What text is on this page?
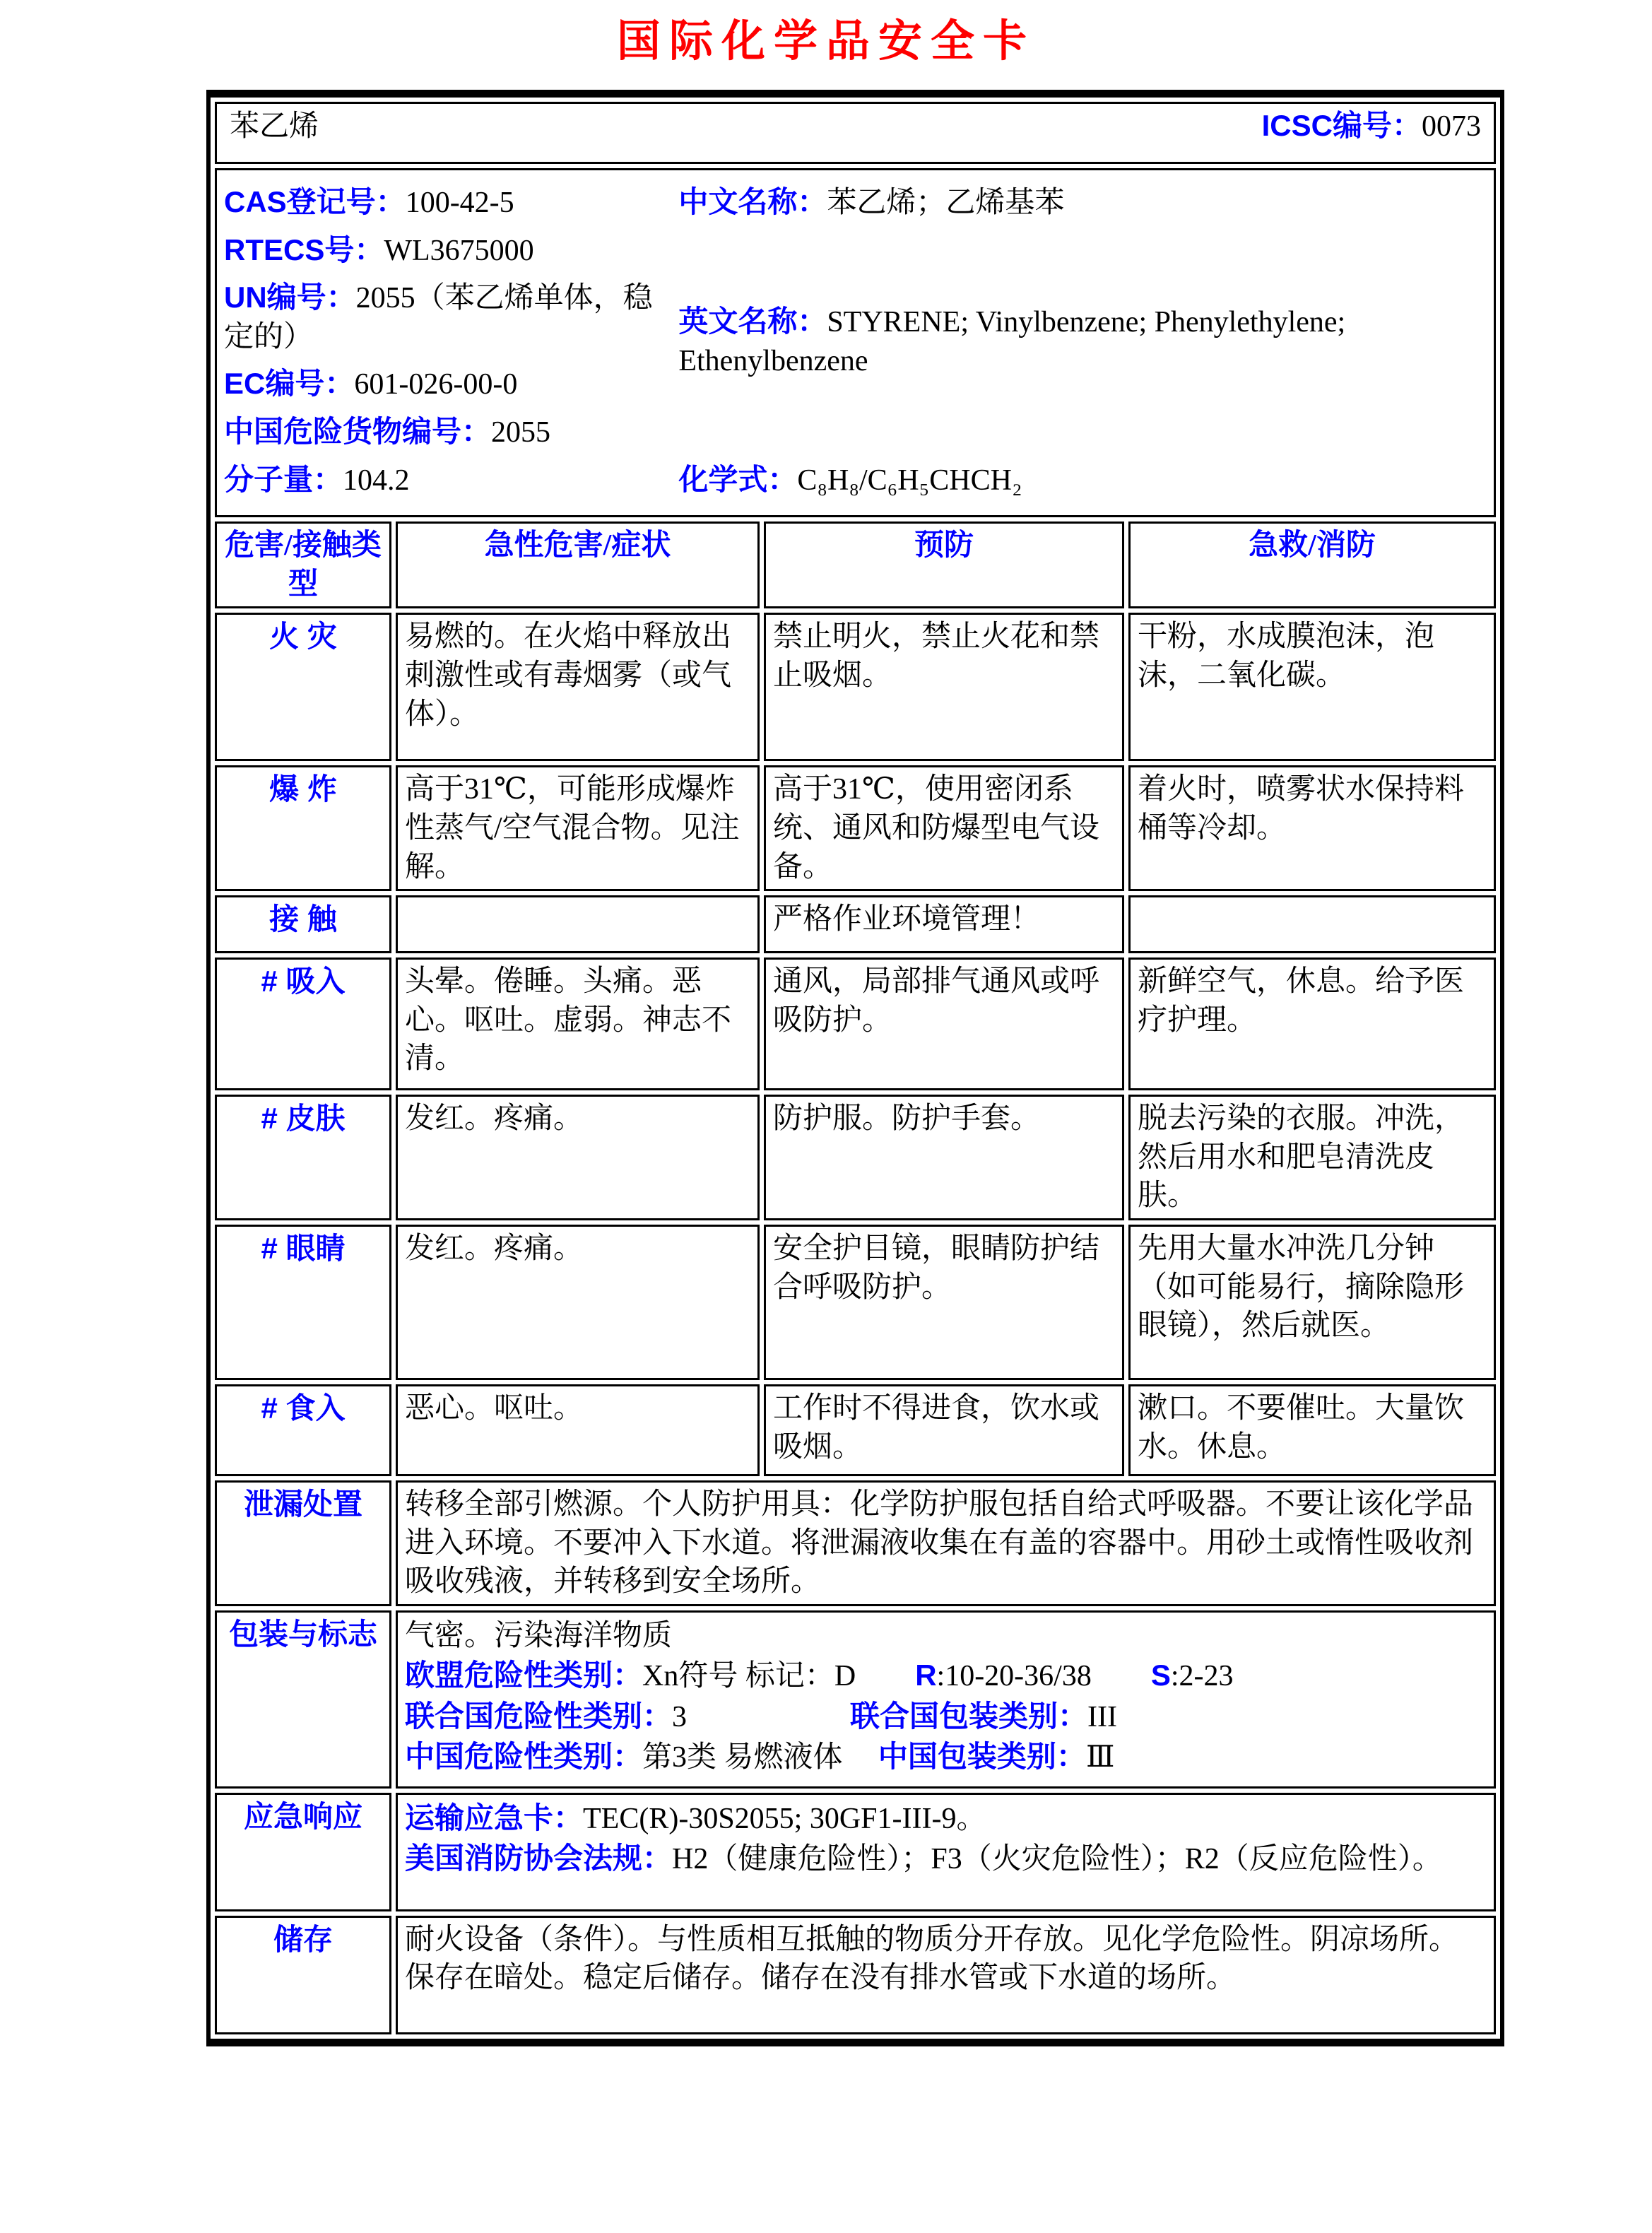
国际化学品安全卡
苯乙烯 ICSC编号：0073			

CAS登记号：100-42-5
RTECS号：WL3675000
UN编号：2055（苯乙烯单体，稳定的）
EC编号：601-026-00-0
中国危险货物编号：2055
分子量：104.2
中文名称：苯乙烯；乙烯基苯
英文名称：STYRENE; Vinylbenzene; Phenylethylene; Ethenylbenzene
化学式：C₈H₈/C₆H₅CHCH₂

危害/接触类型	急性危害/症状	预防	急救/消防
火 灾	易燃的。在火焰中释放出刺激性或有毒烟雾（或气体）。	禁止明火，禁止火花和禁止吸烟。	干粉，水成膜泡沫，泡沫，二氧化碳。
爆 炸	高于31℃，可能形成爆炸性蒸气/空气混合物。见注解。	高于31℃，使用密闭系统、通风和防爆型电气设备。	着火时，喷雾状水保持料桶等冷却。
接 触		严格作业环境管理！	
# 吸入	头晕。倦睡。头痛。恶心。呕吐。虚弱。神志不清。	通风，局部排气通风或呼吸防护。	新鲜空气，休息。给予医疗护理。
# 皮肤	发红。疼痛。	防护服。防护手套。	脱去污染的衣服。冲洗，然后用水和肥皂清洗皮肤。
# 眼睛	发红。疼痛。	安全护目镜，眼睛防护结合呼吸防护。	先用大量水冲洗几分钟（如可能易行，摘除隐形眼镜），然后就医。
# 食入	恶心。呕吐。	工作时不得进食，饮水或吸烟。	漱口。不要催吐。大量饮水。休息。
泄漏处置	转移全部引燃源。个人防护用具：化学防护服包括自给式呼吸器。不要让该化学品进入环境。不要冲入下水道。将泄漏液收集在有盖的容器中。用砂土或惰性吸收剂吸收残液，并转移到安全场所。		
包装与标志	气密。污染海洋物质
欧盟危险性类别：Xn符号 标记：D R:10-20-36/38 S:2-23
联合国危险性类别：3 联合国包装类别：III
中国危险性类别：第3类 易燃液体 中国包装类别：Ⅲ		

应急响应	运输应急卡：TEC(R)-30S2055; 30GF1-III-9。
美国消防协会法规：H2（健康危险性）；F3（火灾危险性）；R2（反应危险性）。		

储存	耐火设备（条件）。与性质相互抵触的物质分开存放。见化学危险性。阴凉场所。保存在暗处。稳定后储存。储存在没有排水管或下水道的场所。		
